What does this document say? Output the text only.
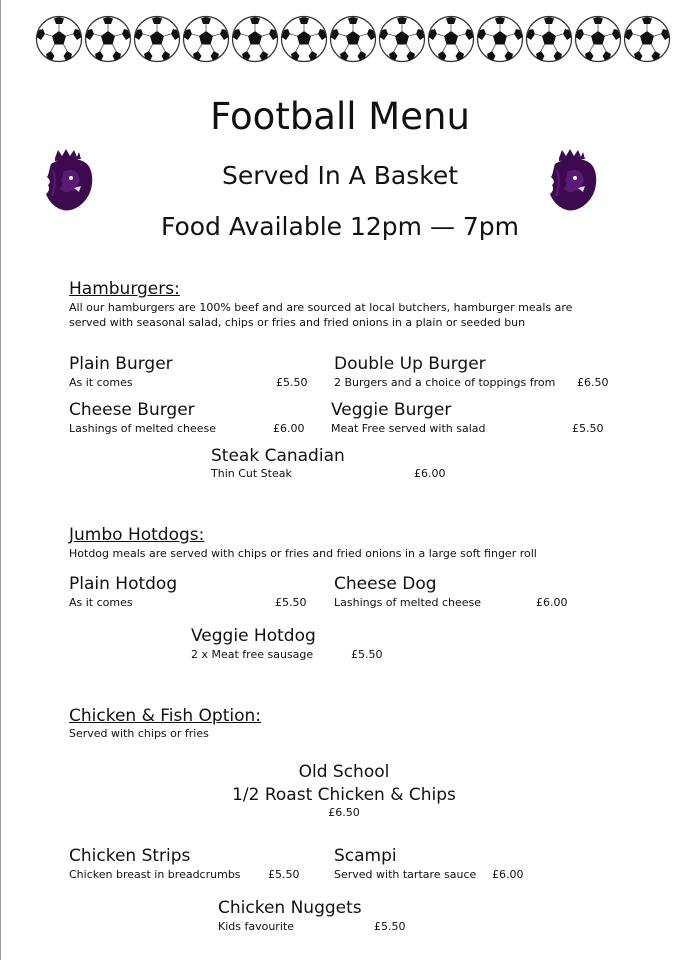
Football Menu
Served In A Basket
Food Available 12pm — 7pm
Hamburgers:
All our hamburgers are 100% beef and are sourced at local butchers, hamburger meals are
served with seasonal salad, chips or fries and fried onions in a plain or seeded bun
Plain Burger
As it comes	£5.50
Double Up Burger
2 Burgers and a choice of toppings from £6.50
Cheese Burger
Lashings of melted cheese	£6.00
Veggie Burger
Meat Free served with salad	£5.50
Steak Canadian
Thin Cut Steak	£6.00
Jumbo Hotdogs:
Hotdog meals are served with chips or fries and fried onions in a large soft finger roll
Plain Hotdog
As it comes	£5.50
Cheese Dog
Lashings of melted cheese	£6.00
Veggie Hotdog
2 x Meat free sausage	£5.50
Chicken & Fish Option:
Served with chips or fries
Old School
1/2 Roast Chicken & Chips
£6.50
Chicken Strips
Chicken breast in breadcrumbs £5.50
Scampi
Served with tartare sauce £6.00
Chicken Nuggets
Kids favourite	£5.50
